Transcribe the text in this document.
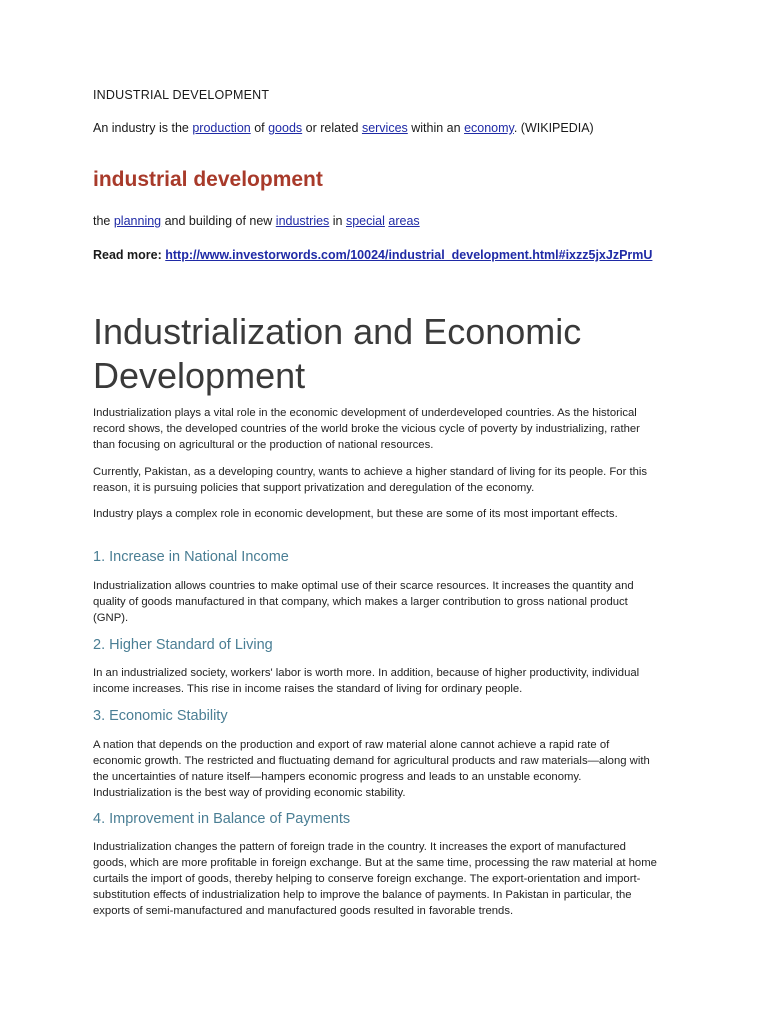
INDUSTRIAL DEVELOPMENT
An industry is the production of goods or related services within an economy. (WIKIPEDIA)
industrial development
the planning and building of new industries in special areas
Read more: http://www.investorwords.com/10024/industrial_development.html#ixzz5jxJzPrmU
Industrialization and Economic Development
Industrialization plays a vital role in the economic development of underdeveloped countries. As the historical record shows, the developed countries of the world broke the vicious cycle of poverty by industrializing, rather than focusing on agricultural or the production of national resources.
Currently, Pakistan, as a developing country, wants to achieve a higher standard of living for its people. For this reason, it is pursuing policies that support privatization and deregulation of the economy.
Industry plays a complex role in economic development, but these are some of its most important effects.
1. Increase in National Income
Industrialization allows countries to make optimal use of their scarce resources. It increases the quantity and quality of goods manufactured in that company, which makes a larger contribution to gross national product (GNP).
2. Higher Standard of Living
In an industrialized society, workers' labor is worth more. In addition, because of higher productivity, individual income increases. This rise in income raises the standard of living for ordinary people.
3. Economic Stability
A nation that depends on the production and export of raw material alone cannot achieve a rapid rate of economic growth. The restricted and fluctuating demand for agricultural products and raw materials—along with the uncertainties of nature itself—hampers economic progress and leads to an unstable economy. Industrialization is the best way of providing economic stability.
4. Improvement in Balance of Payments
Industrialization changes the pattern of foreign trade in the country. It increases the export of manufactured goods, which are more profitable in foreign exchange. But at the same time, processing the raw material at home curtails the import of goods, thereby helping to conserve foreign exchange. The export-orientation and import-substitution effects of industrialization help to improve the balance of payments. In Pakistan in particular, the exports of semi-manufactured and manufactured goods resulted in favorable trends.
